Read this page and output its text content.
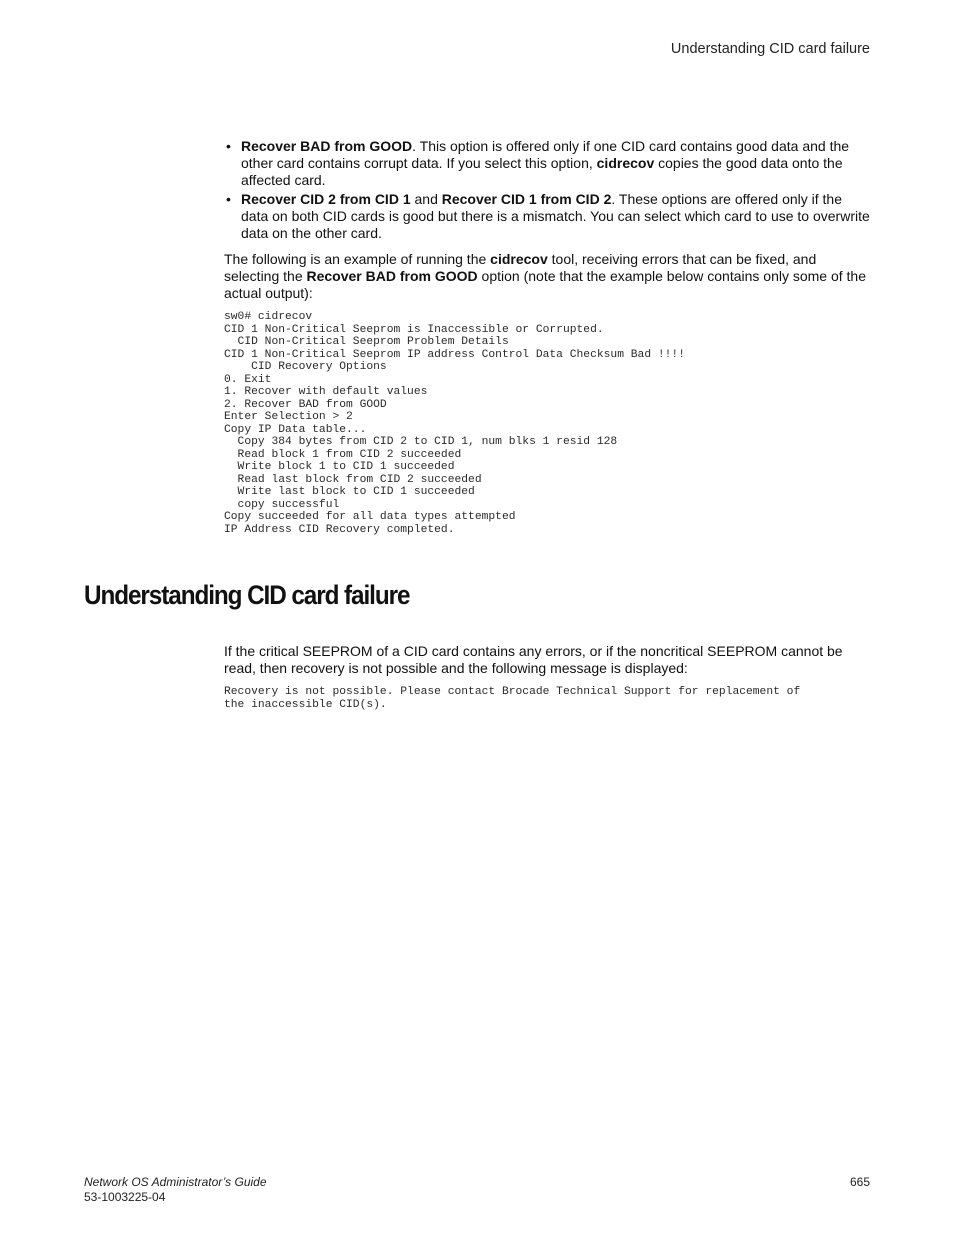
Understanding CID card failure
• Recover BAD from GOOD. This option is offered only if one CID card contains good data and the other card contains corrupt data. If you select this option, cidrecov copies the good data onto the affected card.
• Recover CID 2 from CID 1 and Recover CID 1 from CID 2. These options are offered only if the data on both CID cards is good but there is a mismatch. You can select which card to use to overwrite data on the other card.

The following is an example of running the cidrecov tool, receiving errors that can be fixed, and selecting the Recover BAD from GOOD option (note that the example below contains only some of the actual output):

sw0# cidrecov
CID 1 Non-Critical Seeprom is Inaccessible or Corrupted.
CID Non-Critical Seeprom Problem Details
CID 1 Non-Critical Seeprom IP address Control Data Checksum Bad !!!!
CID Recovery Options
0. Exit
1. Recover with default values
2. Recover BAD from GOOD
Enter Selection > 2
Copy IP Data table...
Copy 384 bytes from CID 2 to CID 1, num blks 1 resid 128
Read block 1 from CID 2 succeeded
Write block 1 to CID 1 succeeded
Read last block from CID 2 succeeded
Write last block to CID 1 succeeded
copy successful
Copy succeeded for all data types attempted
IP Address CID Recovery completed.
Understanding CID card failure

If the critical SEEPROM of a CID card contains any errors, or if the noncritical SEEPROM cannot be read, then recovery is not possible and the following message is displayed:

Recovery is not possible. Please contact Brocade Technical Support for replacement of
the inaccessible CID(s).
Network OS Administrator’s Guide
53-1003225-04
665
